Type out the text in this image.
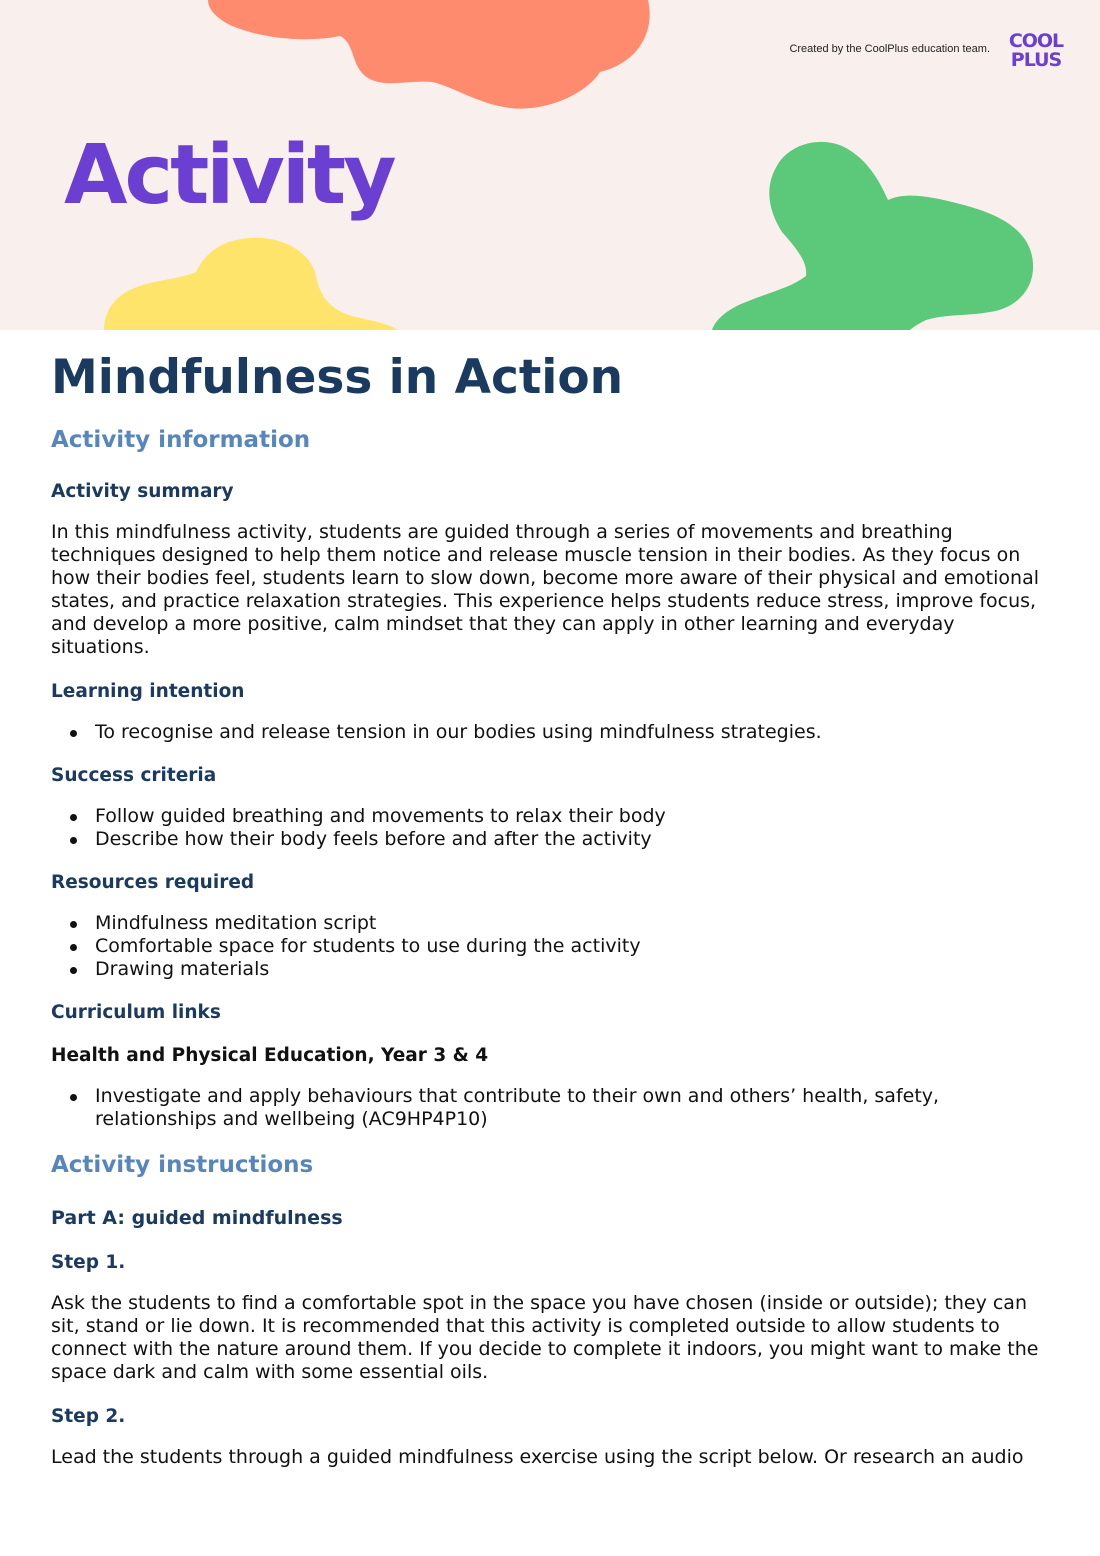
Created by the CoolPlus education team. COOL
PLUS
Activity
Mindfulness in Action
Activity information
Activity summary

In this mindfulness activity, students are guided through a series of movements and breathing techniques designed to help them notice and release muscle tension in their bodies. As they focus on how their bodies feel, students learn to slow down, become more aware of their physical and emotional states, and practice relaxation strategies. This experience helps students reduce stress, improve focus, and develop a more positive, calm mindset that they can apply in other learning and everyday situations.

Learning intention
To recognise and release tension in our bodies using mindfulness strategies.
Success criteria
Follow guided breathing and movements to relax their body
Describe how their body feels before and after the activity
Resources required
Mindfulness meditation script
Comfortable space for students to use during the activity
Drawing materials
Curriculum links
Health and Physical Education, Year 3 & 4
Investigate and apply behaviours that contribute to their own and others’ health, safety, relationships and wellbeing (AC9HP4P10)
Activity instructions
Part A: guided mindfulness
Step 1.

Ask the students to find a comfortable spot in the space you have chosen (inside or outside); they can sit, stand or lie down. It is recommended that this activity is completed outside to allow students to connect with the nature around them. If you decide to complete it indoors, you might want to make the space dark and calm with some essential oils.

Step 2.

Lead the students through a guided mindfulness exercise using the script below. Or research an audio
